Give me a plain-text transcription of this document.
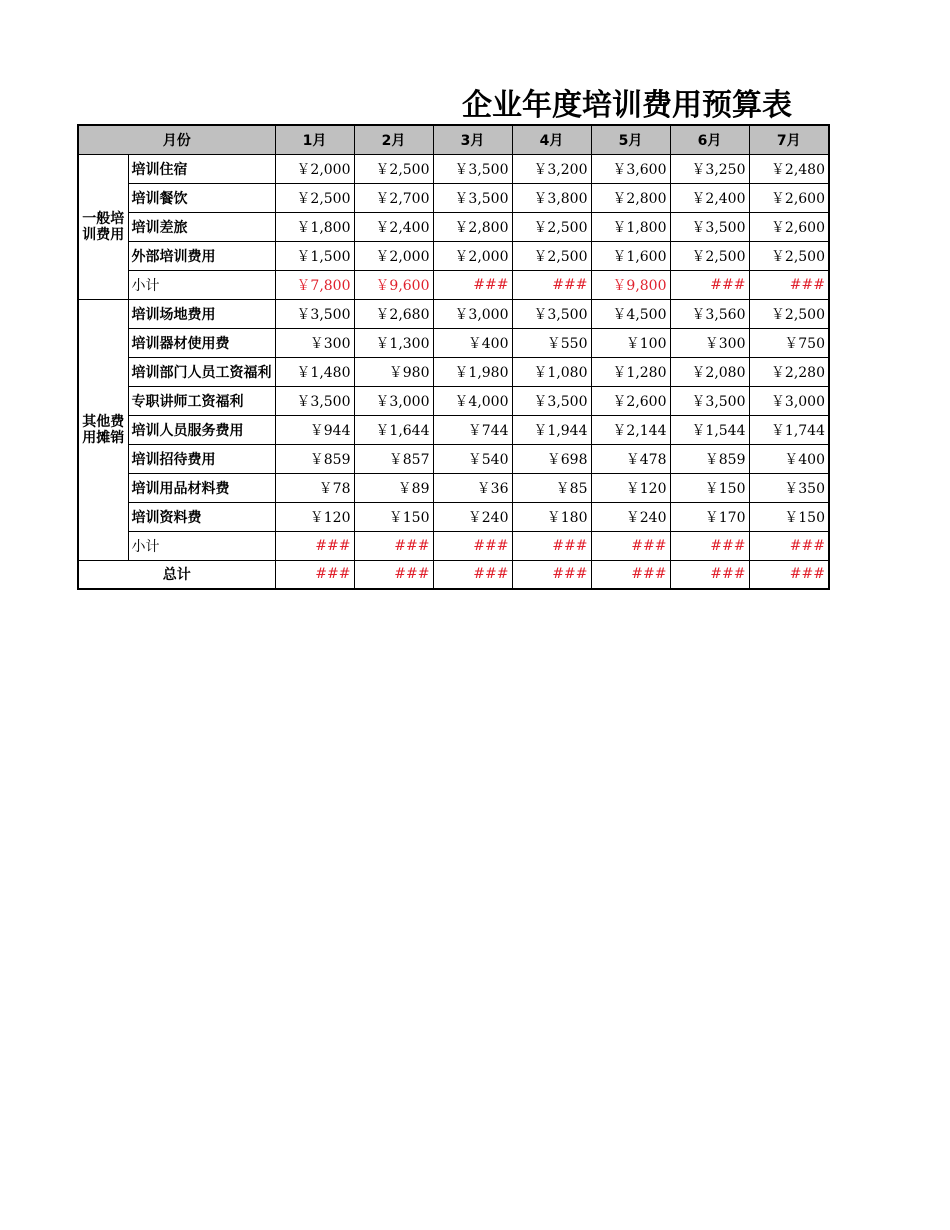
企业年度培训费用预算表
月份		1月	2月	3月	4月	5月	6月	7月
一般培训费用	培训住宿	￥2,000	￥2,500	￥3,500	￥3,200	￥3,600	￥3,250	￥2,480
	培训餐饮	￥2,500	￥2,700	￥3,500	￥3,800	￥2,800	￥2,400	￥2,600
	培训差旅	￥1,800	￥2,400	￥2,800	￥2,500	￥1,800	￥3,500	￥2,600
	外部培训费用	￥1,500	￥2,000	￥2,000	￥2,500	￥1,600	￥2,500	￥2,500
	小计	￥7,800	￥9,600	###	###	￥9,800	###	###
其他费用摊销	培训场地费用	￥3,500	￥2,680	￥3,000	￥3,500	￥4,500	￥3,560	￥2,500
	培训器材使用费	￥300	￥1,300	￥400	￥550	￥100	￥300	￥750
	培训部门人员工资福利	￥1,480	￥980	￥1,980	￥1,080	￥1,280	￥2,080	￥2,280
	专职讲师工资福利	￥3,500	￥3,000	￥4,000	￥3,500	￥2,600	￥3,500	￥3,000
	培训人员服务费用	￥944	￥1,644	￥744	￥1,944	￥2,144	￥1,544	￥1,744
	培训招待费用	￥859	￥857	￥540	￥698	￥478	￥859	￥400
	培训用品材料费	￥78	￥89	￥36	￥85	￥120	￥150	￥350
	培训资料费	￥120	￥150	￥240	￥180	￥240	￥170	￥150
	小计	###	###	###	###	###	###	###
总计		###	###	###	###	###	###	###
